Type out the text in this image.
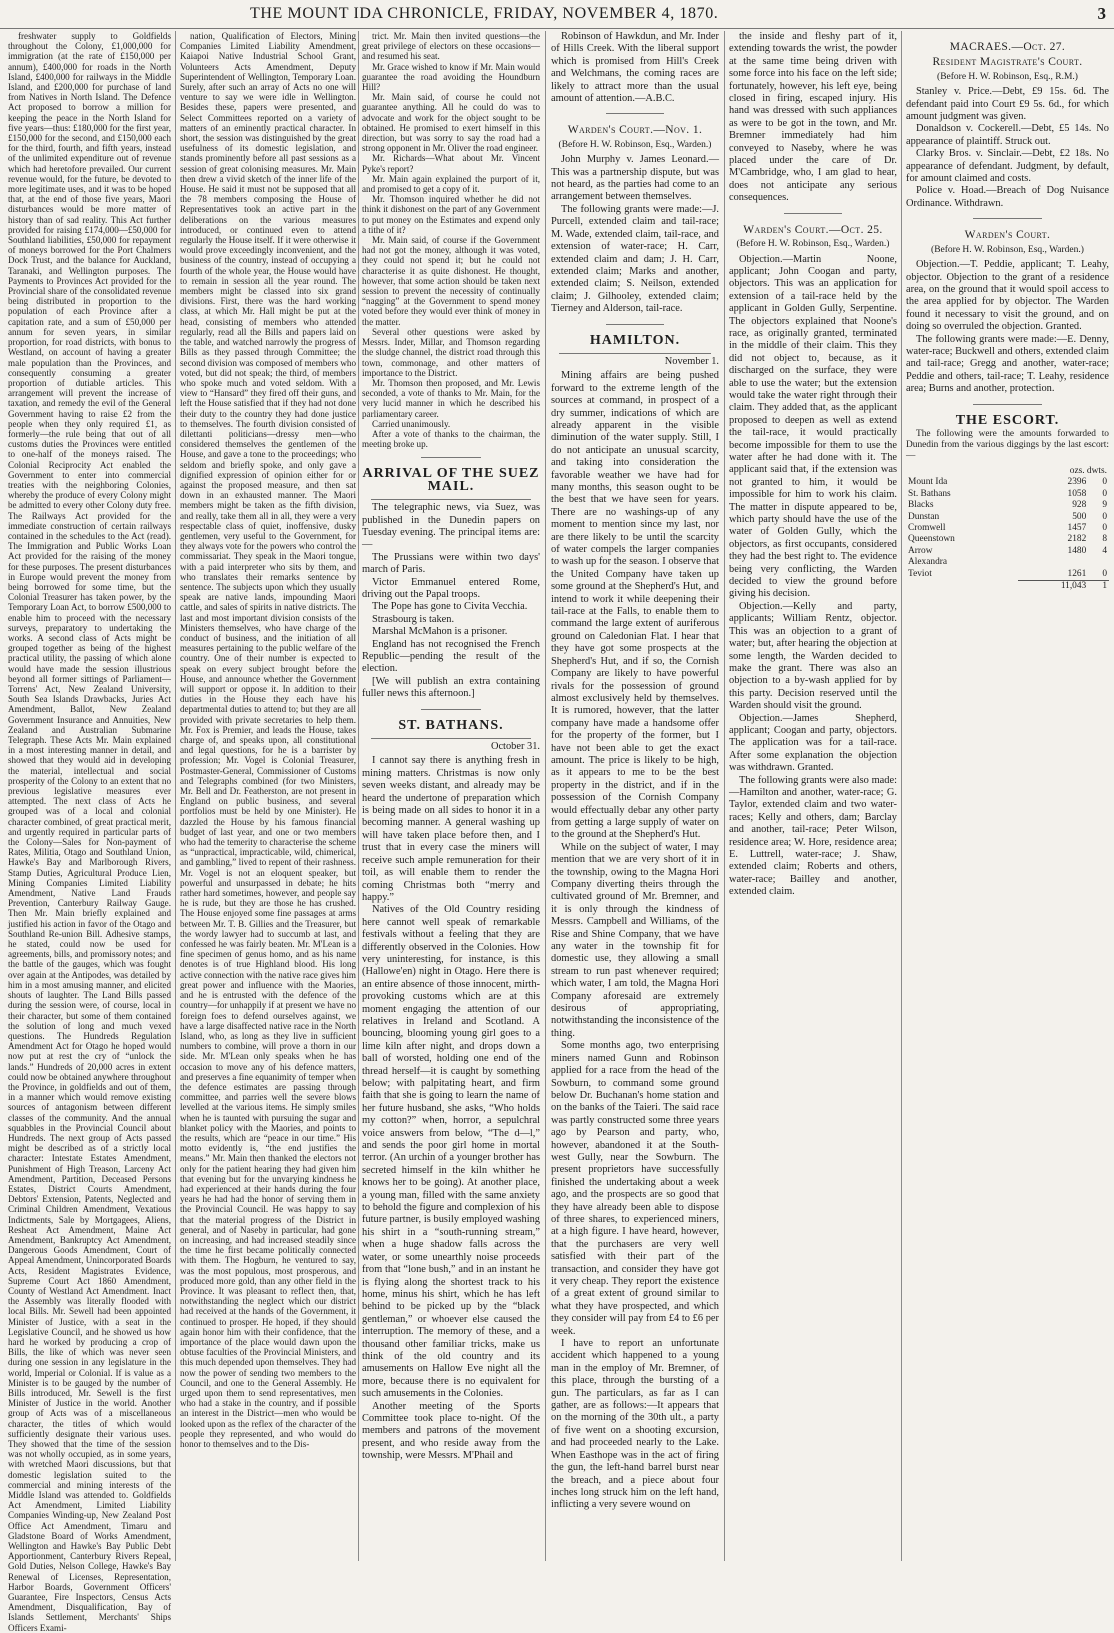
THE MOUNT IDA CHRONICLE, FRIDAY, NOVEMBER 4, 1870.	3

freshwater supply to Goldfields throughout the Colony, £1,000,000 for immigration (at the rate of £150,000 per annum), £400,000 for roads in the North Island, £400,000 for railways in the Middle Island, and £200,000 for purchase of land from Natives in North Island. The Defence Act proposed to borrow a million for keeping the peace in the North Island for five years—thus: £180,000 for the first year, £150,000 for the second, and £150,000 each for the third, fourth, and fifth years, instead of the unlimited expenditure out of revenue which had heretofore prevailed. Our current revenue would, for the future, be devoted to more legitimate uses, and it was to be hoped that, at the end of those five years, Maori disturbances would be more matter of history than of sad reality. This Act further provided for raising £174,000—£50,000 for Southland liabilities, £50,000 for repayment of moneys borrowed for the Port Chalmers Dock Trust, and the balance for Auckland, Taranaki, and Wellington purposes. The Payments to Provinces Act provided for the Provincial share of the consolidated revenue being distributed in proportion to the population of each Province after a capitation rate, and a sum of £50,000 per annum for seven years, in similar proportion, for road districts, with bonus to Westland, on account of having a greater male population than the Provinces, and consequently consuming a greater proportion of dutiable articles. This arrangement will prevent the increase of taxation, and remedy the evil of the General Government having to raise £2 from the people when they only required £1, as formerly—the rule being that out of all customs duties the Provinces were entitled to one-half of the moneys raised. The Colonial Reciprocity Act enabled the Government to enter into commercial treaties with the neighboring Colonies, whereby the produce of every Colony might be admitted to every other Colony duty free. The Railways Act provided for the immediate construction of certain railways contained in the schedules to the Act (read). The Immigration and Public Works Loan Act provided for the raising of the money for these purposes. The present disturbances in Europe would prevent the money from being borrowed for some time, but the Colonial Treasurer has taken power, by the Temporary Loan Act, to borrow £500,000 to enable him to proceed with the necessary surveys, preparatory to undertaking the works. A second class of Acts might be grouped together as being of the highest practical utility, the passing of which alone would have made the session illustrious beyond all former sittings of Parliament—Torrens' Act, New Zealand University, South Sea Islands Drawbacks, Juries Act Amendment, Ballot, New Zealand Government Insurance and Annuities, New Zealand and Australian Submarine Telegraph. These Acts Mr. Main explained in a most interesting manner in detail, and showed that they would aid in developing the material, intellectual and social prosperity of the Colony to an extent that no previous legislative measures ever attempted. The next class of Acts he grouped was of a local and colonial character combined, of great practical merit, and urgently required in particular parts of the Colony—Sales for Non-payment of Rates, Militia, Otago and Southland Union, Hawke's Bay and Marlborough Rivers, Stamp Duties, Agricultural Produce Lien, Mining Companies Limited Liability Amendment, Native Land Frauds Prevention, Canterbury Railway Gauge. Then Mr. Main briefly explained and justified his action in favor of the Otago and Southland Re-union Bill. Adhesive stamps, he stated, could now be used for agreements, bills, and promissory notes; and the battle of the gauges, which was fought over again at the Antipodes, was detailed by him in a most amusing manner, and elicited shouts of laughter. The Land Bills passed during the session were, of course, local in their character, but some of them contained the solution of long and much vexed questions. The Hundreds Regulation Amendment Act for Otago he hoped would now put at rest the cry of “unlock the lands.” Hundreds of 20,000 acres in extent could now be obtained anywhere throughout the Province, in goldfields and out of them, in a manner which would remove existing sources of antagonism between different classes of the community. And the annual squabbles in the Provincial Council about Hundreds. The next group of Acts passed might be described as of a strictly local character: Intestate Estates Amendment, Punishment of High Treason, Larceny Act Amendment, Partition, Deceased Persons Estates, District Courts Amendment, Debtors' Extension, Patents, Neglected and Criminal Children Amendment, Vexatious Indictments, Sale by Mortgagees, Aliens, Resheat Act Amendment, Maine Act Amendment, Bankruptcy Act Amendment, Dangerous Goods Amendment, Court of Appeal Amendment, Unincorporated Boards Acts, Resident Magistrates Evidence, Supreme Court Act 1860 Amendment, County of Westland Act Amendment. Inact the Assembly was literally flooded with local Bills. Mr. Sewell had been appointed Minister of Justice, with a seat in the Legislative Council, and he showed us how hard he worked by producing a crop of Bills, the like of which was never seen during one session in any legislature in the world, Imperial or Colonial. If is value as a Minister is to be gauged by the number of Bills introduced, Mr. Sewell is the first Minister of Justice in the world. Another group of Acts was of a miscellaneous character, the titles of which would sufficiently designate their various uses. They showed that the time of the session was not wholly occupied, as in some years, with wretched Maori discussions, but that domestic legislation suited to the commercial and mining interests of the Middle Island was attended to. Goldfields Act Amendment, Limited Liability Companies Winding-up, New Zealand Post Office Act Amendment, Timaru and Gladstone Board of Works Amendment, Wellington and Hawke's Bay Public Debt Apportionment, Canterbury Rivers Repeal, Gold Duties, Nelson College, Hawke's Bay Renewal of Licenses, Representation, Harbor Boards, Government Officers' Guarantee, Fire Inspectors, Census Acts Amendment, Disqualification, Bay of Islands Settlement, Merchants' Ships Officers Exami-

nation, Qualification of Electors, Mining Companies Limited Liability Amendment, Kaiapoi Native Industrial School Grant, Volunteers Acts Amendment, Deputy Superintendent of Wellington, Temporary Loan. Surely, after such an array of Acts no one will venture to say we were idle in Wellington. Besides these, papers were presented, and Select Committees reported on a variety of matters of an eminently practical character. In short, the session was distinguished by the great usefulness of its domestic legislation, and stands prominently before all past sessions as a session of great colonising measures. Mr. Main then drew a vivid sketch of the inner life of the House. He said it must not be supposed that all the 78 members composing the House of Representatives took an active part in the deliberations on the various measures introduced, or continued even to attend regularly the House itself. If it were otherwise it would prove exceedingly inconvenient, and the business of the country, instead of occupying a fourth of the whole year, the House would have to remain in session all the year round. The members might be classed into six grand divisions. First, there was the hard working class, at which Mr. Hall might be put at the head, consisting of members who attended regularly, read all the Bills and papers laid on the table, and watched narrowly the progress of Bills as they passed through Committee; the second division was composed of members who voted, but did not speak; the third, of members who spoke much and voted seldom. With a view to “Hansard” they fired off their guns, and left the House satisfied that if they had not done their duty to the country they had done justice to themselves. The fourth division consisted of dilettanti politicians—dressy men—who considered themselves the gentlemen of the House, and gave a tone to the proceedings; who seldom and briefly spoke, and only gave a dignified expression of opinion either for or against the proposed measure, and then sat down in an exhausted manner. The Maori members might be taken as the fifth division, and really, take them all in all, they were a very respectable class of quiet, inoffensive, dusky gentlemen, very useful to the Government, for they always vote for the powers who control the commissariat. They speak in the Maori tongue, with a paid interpreter who sits by them, and who translates their remarks sentence by sentence. The subjects upon which they usually speak are native lands, impounding Maori cattle, and sales of spirits in native districts. The last and most important division consists of the Ministers themselves, who have charge of the conduct of business, and the initiation of all measures pertaining to the public welfare of the country. One of their number is expected to speak on every subject brought before the House, and announce whether the Government will support or oppose it. In addition to their duties in the House they each have his departmental duties to attend to; but they are all provided with private secretaries to help them. Mr. Fox is Premier, and leads the House, takes charge of, and speaks upon, all constitutional and legal questions, for he is a barrister by profession; Mr. Vogel is Colonial Treasurer, Postmaster-General, Commissioner of Customs and Telegraphs combined (for two Ministers, Mr. Bell and Dr. Featherston, are not present in England on public business, and several portfolios must be held by one Minister). He dazzled the House by his famous financial budget of last year, and one or two members who had the temerity to characterise the scheme as “unpractical, impracticable, wild, chimerical, and gambling,” lived to repent of their rashness. Mr. Vogel is not an eloquent speaker, but powerful and unsurpassed in debate; he hits rather hard sometimes, however, and people say he is rude, but they are those he has crushed. The House enjoyed some fine passages at arms between Mr. T. B. Gillies and the Treasurer, but the wordy lawyer had to succumb at last, and confessed he was fairly beaten. Mr. M'Lean is a fine specimen of genus homo, and as his name denotes is of true Highland blood. His long active connection with the native race gives him great power and influence with the Maories, and he is entrusted with the defence of the country—for unhappily if at present we have no foreign foes to defend ourselves against, we have a large disaffected native race in the North Island, who, as long as they live in sufficient numbers to combine, will prove a thorn in our side. Mr. M'Lean only speaks when he has occasion to move any of his defence matters, and preserves a fine equanimity of temper when the defence estimates are passing through committee, and parries well the severe blows levelled at the various items. He simply smiles when he is taunted with pursuing the sugar and blanket policy with the Maories, and points to the results, which are “peace in our time.” His motto evidently is, “the end justifies the means.” Mr. Main then thanked the electors not only for the patient hearing they had given him that evening but for the unvarying kindness he had experienced at their hands during the four years he had had the honor of serving them in the Provincial Council. He was happy to say that the material progress of the District in general, and of Naseby in particular, had gone on increasing, and had increased steadily since the time he first became politically connected with them. The Hogburn, he ventured to say, was the most populous, most prosperous, and produced more gold, than any other field in the Province. It was pleasant to reflect then, that, notwithstanding the neglect which our district had received at the hands of the Government, it continued to prosper. He hoped, if they should again honor him with their confidence, that the importance of the place would dawn upon the obtuse faculties of the Provincial Ministers, and this much depended upon themselves. They had now the power of sending two members to the Council, and one to the General Assembly. He urged upon them to send representatives, men who had a stake in the country, and if possible an interest in the District—men who would be looked upon as the reflex of the character of the people they represented, and who would do honor to themselves and to the Dis-

trict. Mr. Main then invited questions—the great privilege of electors on these occasions—and resumed his seat.

Mr. Grace wished to know if Mr. Main would guarantee the road avoiding the Houndburn Hill?

Mr. Main said, of course he could not guarantee anything. All he could do was to advocate and work for the object sought to be obtained. He promised to exert himself in this direction, but was sorry to say the road had a strong opponent in Mr. Oliver the road engineer.

Mr. Richards—What about Mr. Vincent Pyke's report?

Mr. Main again explained the purport of it, and promised to get a copy of it.

Mr. Thomson inquired whether he did not think it dishonest on the part of any Government to put money on the Estimates and expend only a tithe of it?

Mr. Main said, of course if the Government had not got the money, although it was voted, they could not spend it; but he could not characterise it as quite dishonest. He thought, however, that some action should be taken next session to prevent the necessity of continually “nagging” at the Government to spend money voted before they would ever think of money in the matter.

Several other questions were asked by Messrs. Inder, Millar, and Thomson regarding the sludge channel, the district road through this town, commonage, and other matters of importance to the District.

Mr. Thomson then proposed, and Mr. Lewis seconded, a vote of thanks to Mr. Main, for the very lucid manner in which he described his parliamentary career.

Carried unanimously.

After a vote of thanks to the chairman, the meeting broke up.

ARRIVAL OF THE SUEZ MAIL.

The telegraphic news, via Suez, was published in the Dunedin papers on Tuesday evening. The principal items are:—

The Prussians were within two days' march of Paris.

Victor Emmanuel entered Rome, driving out the Papal troops.

The Pope has gone to Civita Vecchia.

Strasbourg is taken.

Marshal McMahon is a prisoner.

England has not recognised the French Republic—pending the result of the election.

[We will publish an extra containing fuller news this afternoon.]

ST. BATHANS.

October 31.

I cannot say there is anything fresh in mining matters. Christmas is now only seven weeks distant, and already may be heard the undertone of preparation which is being made on all sides to honor it in a becoming manner. A general washing up will have taken place before then, and I trust that in every case the miners will receive such ample remuneration for their toil, as will enable them to render the coming Christmas both “merry and happy.”

Natives of the Old Country residing here cannot well speak of remarkable festivals without a feeling that they are differently observed in the Colonies. How very uninteresting, for instance, is this (Hallowe'en) night in Otago. Here there is an entire absence of those innocent, mirth-provoking customs which are at this moment engaging the attention of our relatives in Ireland and Scotland. A bouncing, blooming young girl goes to a lime kiln after night, and drops down a ball of worsted, holding one end of the thread herself—it is caught by something below; with palpitating heart, and firm faith that she is going to learn the name of her future husband, she asks, “Who holds my cotton?” when, horror, a sepulchral voice answers from below, “The d—l,” and sends the poor girl home in mortal terror. (An urchin of a younger brother has secreted himself in the kiln whither he knows her to be going). At another place, a young man, filled with the same anxiety to behold the figure and complexion of his future partner, is busily employed washing his shirt in a “south-running stream,” when a huge shadow falls across the water, or some unearthly noise proceeds from that “lone bush,” and in an instant he is flying along the shortest track to his home, minus his shirt, which he has left behind to be picked up by the “black gentleman,” or whoever else caused the interruption. The memory of these, and a thousand other familiar tricks, make us think of the old country and its amusements on Hallow Eve night all the more, because there is no equivalent for such amusements in the Colonies.

Another meeting of the Sports Committee took place to-night. Of the members and patrons of the movement present, and who reside away from the township, were Messrs. M'Phail and

Robinson of Hawkdun, and Mr. Inder of Hills Creek. With the liberal support which is promised from Hill's Creek and Welchmans, the coming races are likely to attract more than the usual amount of attention.—A.B.C.

Warden's Court.—Nov. 1.
(Before H. W. Robinson, Esq., Warden.)

John Murphy v. James Leonard.—This was a partnership dispute, but was not heard, as the parties had come to an arrangement between themselves.

The following grants were made:—J. Purcell, extended claim and tail-race; M. Wade, extended claim, tail-race, and extension of water-race; H. Carr, extended claim and dam; J. H. Carr, extended claim; Marks and another, extended claim; S. Neilson, extended claim; J. Gilhooley, extended claim; Tierney and Alderson, tail-race.

HAMILTON.

November 1.

Mining affairs are being pushed forward to the extreme length of the sources at command, in prospect of a dry summer, indications of which are already apparent in the visible diminution of the water supply. Still, I do not anticipate an unusual scarcity, and taking into consideration the favorable weather we have had for many months, this season ought to be the best that we have seen for years. There are no washings-up of any moment to mention since my last, nor are there likely to be until the scarcity of water compels the larger companies to wash up for the season. I observe that the United Company have taken up some ground at the Shepherd's Hut, and intend to work it while deepening their tail-race at the Falls, to enable them to command the large extent of auriferous ground on Caledonian Flat. I hear that they have got some prospects at the Shepherd's Hut, and if so, the Cornish Company are likely to have powerful rivals for the possession of ground almost exclusively held by themselves. It is rumored, however, that the latter company have made a handsome offer for the property of the former, but I have not been able to get the exact amount. The price is likely to be high, as it appears to me to be the best property in the district, and if in the possession of the Cornish Company would effectually debar any other party from getting a large supply of water on to the ground at the Shepherd's Hut.

While on the subject of water, I may mention that we are very short of it in the township, owing to the Magna Hori Company diverting theirs through the cultivated ground of Mr. Bremner, and it is only through the kindness of Messrs. Campbell and Williams, of the Rise and Shine Company, that we have any water in the township fit for domestic use, they allowing a small stream to run past whenever required; which water, I am told, the Magna Hori Company aforesaid are extremely desirous of appropriating, notwithstanding the inconsistence of the thing.

Some months ago, two enterprising miners named Gunn and Robinson applied for a race from the head of the Sowburn, to command some ground below Dr. Buchanan's home station and on the banks of the Taieri. The said race was partly constructed some three years ago by Pearson and party, who, however, abandoned it at the South-west Gully, near the Sowburn. The present proprietors have successfully finished the undertaking about a week ago, and the prospects are so good that they have already been able to dispose of three shares, to experienced miners, at a high figure. I have heard, however, that the purchasers are very well satisfied with their part of the transaction, and consider they have got it very cheap. They report the existence of a great extent of ground similar to what they have prospected, and which they consider will pay from £4 to £6 per week.

I have to report an unfortunate accident which happened to a young man in the employ of Mr. Bremner, of this place, through the bursting of a gun. The particulars, as far as I can gather, are as follows:—It appears that on the morning of the 30th ult., a party of five went on a shooting excursion, and had proceeded nearly to the Lake. When Easthope was in the act of firing the gun, the left-hand barrel burst near the breach, and a piece about four inches long struck him on the left hand, inflicting a very severe wound on

the inside and fleshy part of it, extending towards the wrist, the powder at the same time being driven with some force into his face on the left side; fortunately, however, his left eye, being closed in firing, escaped injury. His hand was dressed with such appliances as were to be got in the town, and Mr. Bremner immediately had him conveyed to Naseby, where he was placed under the care of Dr. M'Cambridge, who, I am glad to hear, does not anticipate any serious consequences.

Warden's Court.—Oct. 25.
(Before H. W. Robinson, Esq., Warden.)

Objection.—Martin Noone, applicant; John Coogan and party, objectors. This was an application for extension of a tail-race held by the applicant in Golden Gully, Serpentine. The objectors explained that Noone's race, as originally granted, terminated in the middle of their claim. This they did not object to, because, as it discharged on the surface, they were able to use the water; but the extension would take the water right through their claim. They added that, as the applicant proposed to deepen as well as extend the tail-race, it would practically become impossible for them to use the water after he had done with it. The applicant said that, if the extension was not granted to him, it would be impossible for him to work his claim. The matter in dispute appeared to be, which party should have the use of the water of Golden Gully, which the objectors, as first occupants, considered they had the best right to. The evidence being very conflicting, the Warden decided to view the ground before giving his decision.

Objection.—Kelly and party, applicants; William Rentz, objector. This was an objection to a grant of water; but, after hearing the objection at some length, the Warden decided to make the grant. There was also an objection to a by-wash applied for by this party. Decision reserved until the Warden should visit the ground.

Objection.—James Shepherd, applicant; Coogan and party, objectors. The application was for a tail-race. After some explanation the objection was withdrawn. Granted.

The following grants were also made:—Hamilton and another, water-race; G. Taylor, extended claim and two water-races; Kelly and others, dam; Barclay and another, tail-race; Peter Wilson, residence area; W. Hore, residence area; E. Luttrell, water-race; J. Shaw, extended claim; Roberts and others, water-race; Bailley and another, extended claim.

MACRAES.—Oct. 27.
Resident Magistrate's Court.
(Before H. W. Robinson, Esq., R.M.)

Stanley v. Price.—Debt, £9 15s. 6d. The defendant paid into Court £9 5s. 6d., for which amount judgment was given.

Donaldson v. Cockerell.—Debt, £5 14s. No appearance of plaintiff. Struck out.

Clarky Bros. v. Sinclair.—Debt, £2 18s. No appearance of defendant. Judgment, by default, for amount claimed and costs.

Police v. Hoad.—Breach of Dog Nuisance Ordinance. Withdrawn.

Warden's Court.
(Before H. W. Robinson, Esq., Warden.)

Objection.—T. Peddie, applicant; T. Leahy, objector. Objection to the grant of a residence area, on the ground that it would spoil access to the area applied for by objector. The Warden found it necessary to visit the ground, and on doing so overruled the objection. Granted.

The following grants were made:—E. Denny, water-race; Buckwell and others, extended claim and tail-race; Gregg and another, water-race; Peddie and others, tail-race; T. Leahy, residence area; Burns and another, protection.

THE ESCORT.

The following were the amounts forwarded to Dunedin from the various diggings by the last escort:—

	ozs. dwts.	
Mount Ida	2396	0
St. Bathans	1058	0
Blacks	928	9
Dunstan	500	0
Cromwell	1457	0
Queenstown	2182	8
Arrow	1480	4
Alexandra		
Teviot	1261	0
	11,043	1
